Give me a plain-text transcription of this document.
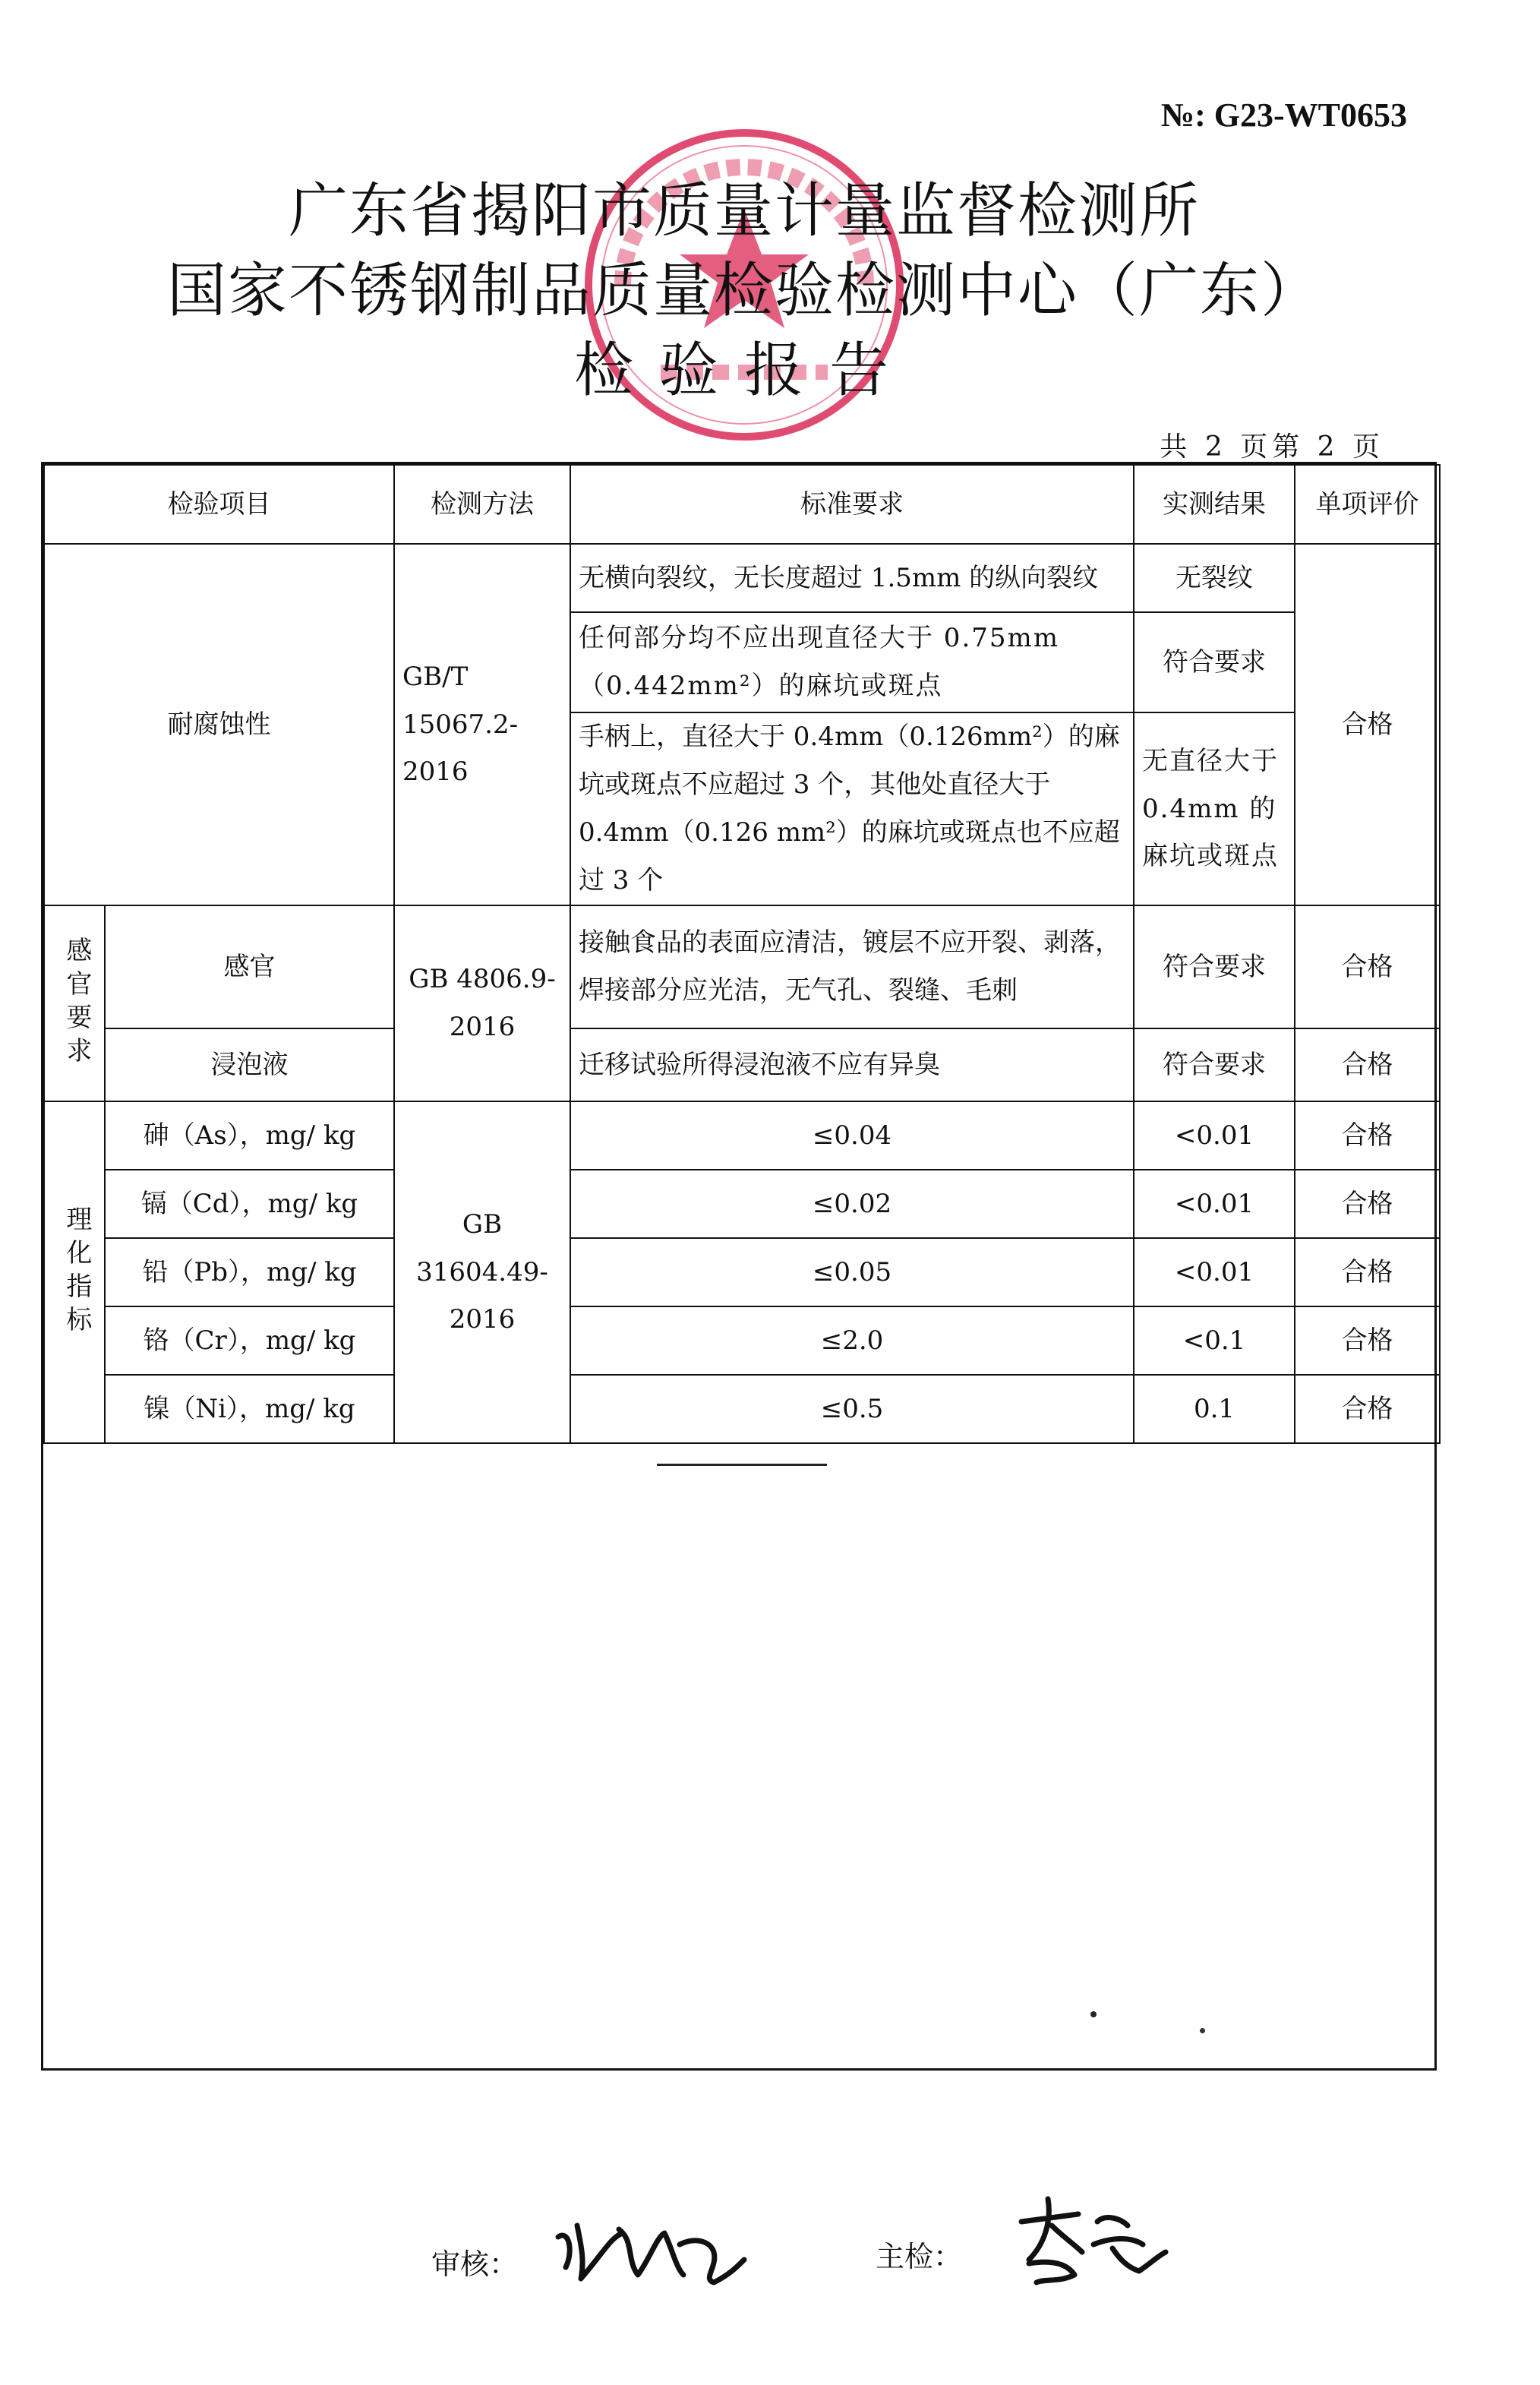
№: G23-WT0653
广东省揭阳市质量计量监督检测所
国家不锈钢制品质量检验检测中心（广东）
检验报告
共 2 页第 2 页
检验项目		检测方法	标准要求	实测结果	单项评价
耐腐蚀性		GB/T 15067.2-2016	无横向裂纹，无长度超过 1.5mm 的纵向裂纹	无裂纹	合格
			任何部分均不应出现直径大于 0.75mm（0.442mm²）的麻坑或斑点	符合要求	
			手柄上，直径大于 0.4mm（0.126mm²）的麻坑或斑点不应超过 3 个，其他处直径大于 0.4mm（0.126 mm²）的麻坑或斑点也不应超过 3 个	无直径大于 0.4mm 的麻坑或斑点	

感官要求	感官	GB 4806.9-2016	接触食品的表面应清洁，镀层不应开裂、剥落，焊接部分应光洁，无气孔、裂缝、毛刺	符合要求	合格
	浸泡液		迁移试验所得浸泡液不应有异臭	符合要求	合格

理化指标	砷（As），mg/ kg	GB 31604.49-2016	≤0.04	<0.01	合格
	镉（Cd），mg/ kg		≤0.02	<0.01	合格
	铅（Pb），mg/ kg		≤0.05	<0.01	合格
	铬（Cr），mg/ kg		≤2.0	<0.1	合格
	镍（Ni），mg/ kg		≤0.5	0.1	合格
审核：	主检：
